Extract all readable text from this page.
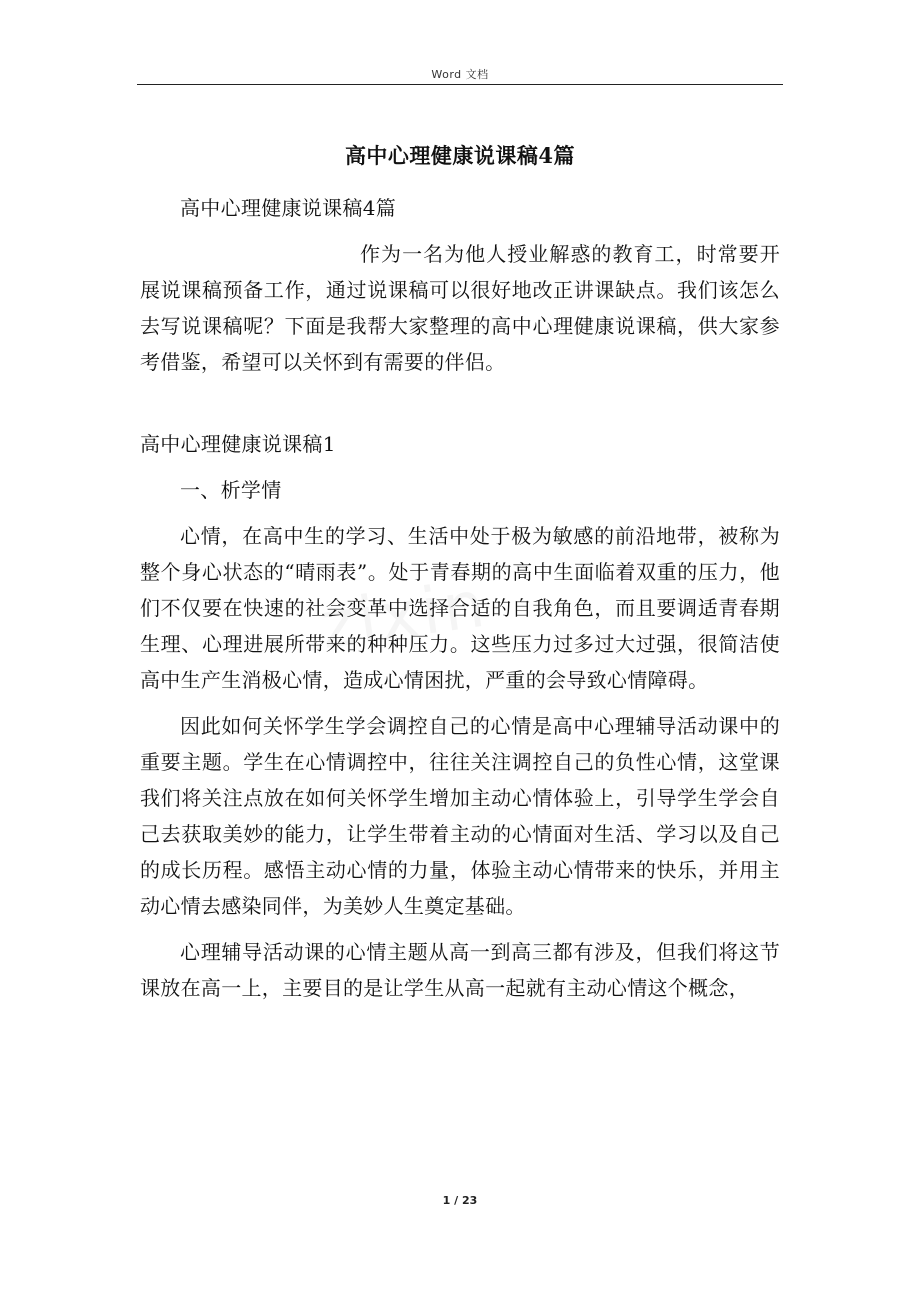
Word 文档
高中心理健康说课稿4篇
zixin

高中心理健康说课稿4篇

作为一名为他人授业解惑的教育工，时常要开展说课稿预备工作，通过说课稿可以很好地改正讲课缺点。我们该怎么去写说课稿呢？下面是我帮大家整理的高中心理健康说课稿，供大家参考借鉴，希望可以关怀到有需要的伴侣。

高中心理健康说课稿1

一、析学情

心情，在高中生的学习、生活中处于极为敏感的前沿地带，被称为整个身心状态的“晴雨表”。处于青春期的高中生面临着双重的压力，他们不仅要在快速的社会变革中选择合适的自我角色，而且要调适青春期生理、心理进展所带来的种种压力。这些压力过多过大过强，很简洁使高中生产生消极心情，造成心情困扰，严重的会导致心情障碍。

因此如何关怀学生学会调控自己的心情是高中心理辅导活动课中的重要主题。学生在心情调控中，往往关注调控自己的负性心情，这堂课我们将关注点放在如何关怀学生增加主动心情体验上，引导学生学会自己去获取美妙的能力，让学生带着主动的心情面对生活、学习以及自己的成长历程。感悟主动心情的力量，体验主动心情带来的快乐，并用主动心情去感染同伴，为美妙人生奠定基础。

心理辅导活动课的心情主题从高一到高三都有涉及，但我们将这节课放在高一上，主要目的是让学生从高一起就有主动心情这个概念，

1 / 23
